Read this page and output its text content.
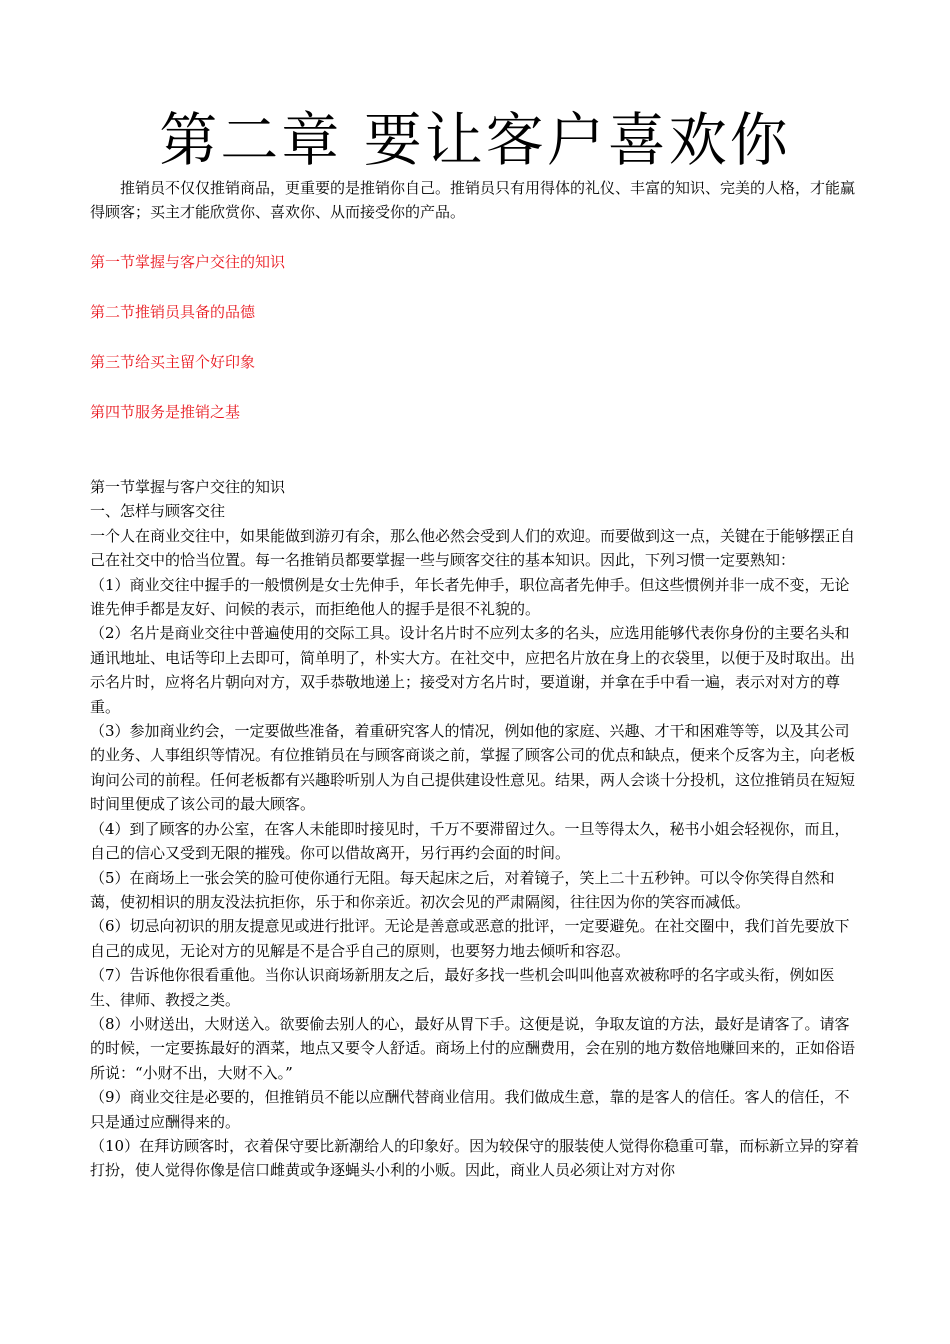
第二章 要让客户喜欢你

推销员不仅仅推销商品，更重要的是推销你自己。推销员只有用得体的礼仪、丰富的知识、完美的人格，才能赢得顾客；买主才能欣赏你、喜欢你、从而接受你的产品。

第一节掌握与客户交往的知识
第二节推销员具备的品德
第三节给买主留个好印象
第四节服务是推销之基

第一节掌握与客户交往的知识

一、怎样与顾客交往

一个人在商业交往中，如果能做到游刃有余，那么他必然会受到人们的欢迎。而要做到这一点，关键在于能够摆正自己在社交中的恰当位置。每一名推销员都要掌握一些与顾客交往的基本知识。因此，下列习惯一定要熟知：

（1）商业交往中握手的一般惯例是女士先伸手，年长者先伸手，职位高者先伸手。但这些惯例并非一成不变，无论谁先伸手都是友好、问候的表示，而拒绝他人的握手是很不礼貌的。

（2）名片是商业交往中普遍使用的交际工具。设计名片时不应列太多的名头，应选用能够代表你身份的主要名头和通讯地址、电话等印上去即可，简单明了，朴实大方。在社交中，应把名片放在身上的衣袋里，以便于及时取出。出示名片时，应将名片朝向对方，双手恭敬地递上；接受对方名片时，要道谢，并拿在手中看一遍，表示对对方的尊重。

（3）参加商业约会，一定要做些准备，着重研究客人的情况，例如他的家庭、兴趣、才干和困难等等，以及其公司的业务、人事组织等情况。有位推销员在与顾客商谈之前，掌握了顾客公司的优点和缺点，便来个反客为主，向老板询问公司的前程。任何老板都有兴趣聆听别人为自己提供建设性意见。结果，两人会谈十分投机，这位推销员在短短时间里便成了该公司的最大顾客。

（4）到了顾客的办公室，在客人未能即时接见时，千万不要滞留过久。一旦等得太久，秘书小姐会轻视你，而且，自己的信心又受到无限的摧残。你可以借故离开，另行再约会面的时间。

（5）在商场上一张会笑的脸可使你通行无阻。每天起床之后，对着镜子，笑上二十五秒钟。可以令你笑得自然和蔼，使初相识的朋友没法抗拒你，乐于和你亲近。初次会见的严肃隔阂，往往因为你的笑容而减低。

（6）切忌向初识的朋友提意见或进行批评。无论是善意或恶意的批评，一定要避免。在社交圈中，我们首先要放下自己的成见，无论对方的见解是不是合乎自己的原则，也要努力地去倾听和容忍。

（7）告诉他你很看重他。当你认识商场新朋友之后，最好多找一些机会叫叫他喜欢被称呼的名字或头衔，例如医生、律师、教授之类。

（8）小财送出，大财送入。欲要偷去别人的心，最好从胃下手。这便是说，争取友谊的方法，最好是请客了。请客的时候，一定要拣最好的酒菜，地点又要令人舒适。商场上付的应酬费用，会在别的地方数倍地赚回来的，正如俗语所说：“小财不出，大财不入。”

（9）商业交往是必要的，但推销员不能以应酬代替商业信用。我们做成生意，靠的是客人的信任。客人的信任，不只是通过应酬得来的。

（10）在拜访顾客时，衣着保守要比新潮给人的印象好。因为较保守的服装使人觉得你稳重可靠，而标新立异的穿着打扮，使人觉得你像是信口雌黄或争逐蝇头小利的小贩。因此，商业人员必须让对方对你
